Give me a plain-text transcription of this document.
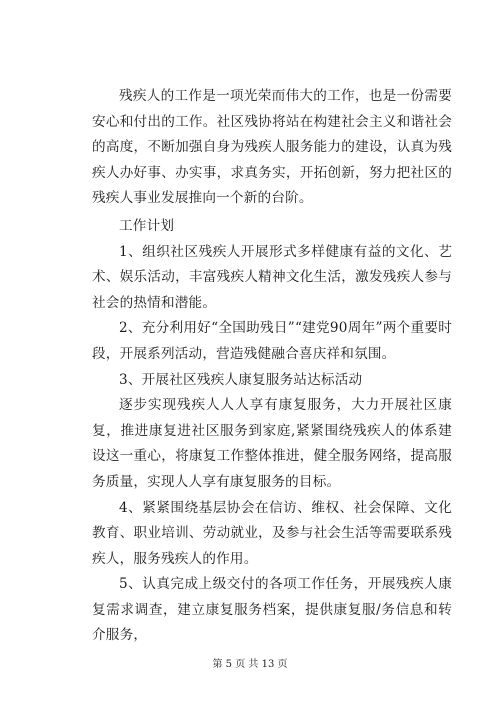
残疾人的工作是一项光荣而伟大的工作，也是一份需要安心和付出的工作。社区残协将站在构建社会主义和谐社会的高度，不断加强自身为残疾人服务能力的建设，认真为残疾人办好事、办实事，求真务实，开拓创新，努力把社区的残疾人事业发展推向一个新的台阶。

工作计划

1、组织社区残疾人开展形式多样健康有益的文化、艺术、娱乐活动，丰富残疾人精神文化生活，激发残疾人参与社会的热情和潜能。

2、充分利用好“全国助残日”“建党90周年”两个重要时段，开展系列活动，营造残健融合喜庆祥和氛围。

3、开展社区残疾人康复服务站达标活动

逐步实现残疾人人人享有康复服务，大力开展社区康复，推进康复进社区服务到家庭,紧紧围绕残疾人的体系建设这一重心，将康复工作整体推进，健全服务网络，提高服务质量，实现人人享有康复服务的目标。

4、紧紧围绕基层协会在信访、维权、社会保障、文化教育、职业培训、劳动就业，及参与社会生活等需要联系残疾人，服务残疾人的作用。

5、认真完成上级交付的各项工作任务，开展残疾人康复需求调查，建立康复服务档案，提供康复服/务信息和转介服务，

第 5 页 共 13 页
